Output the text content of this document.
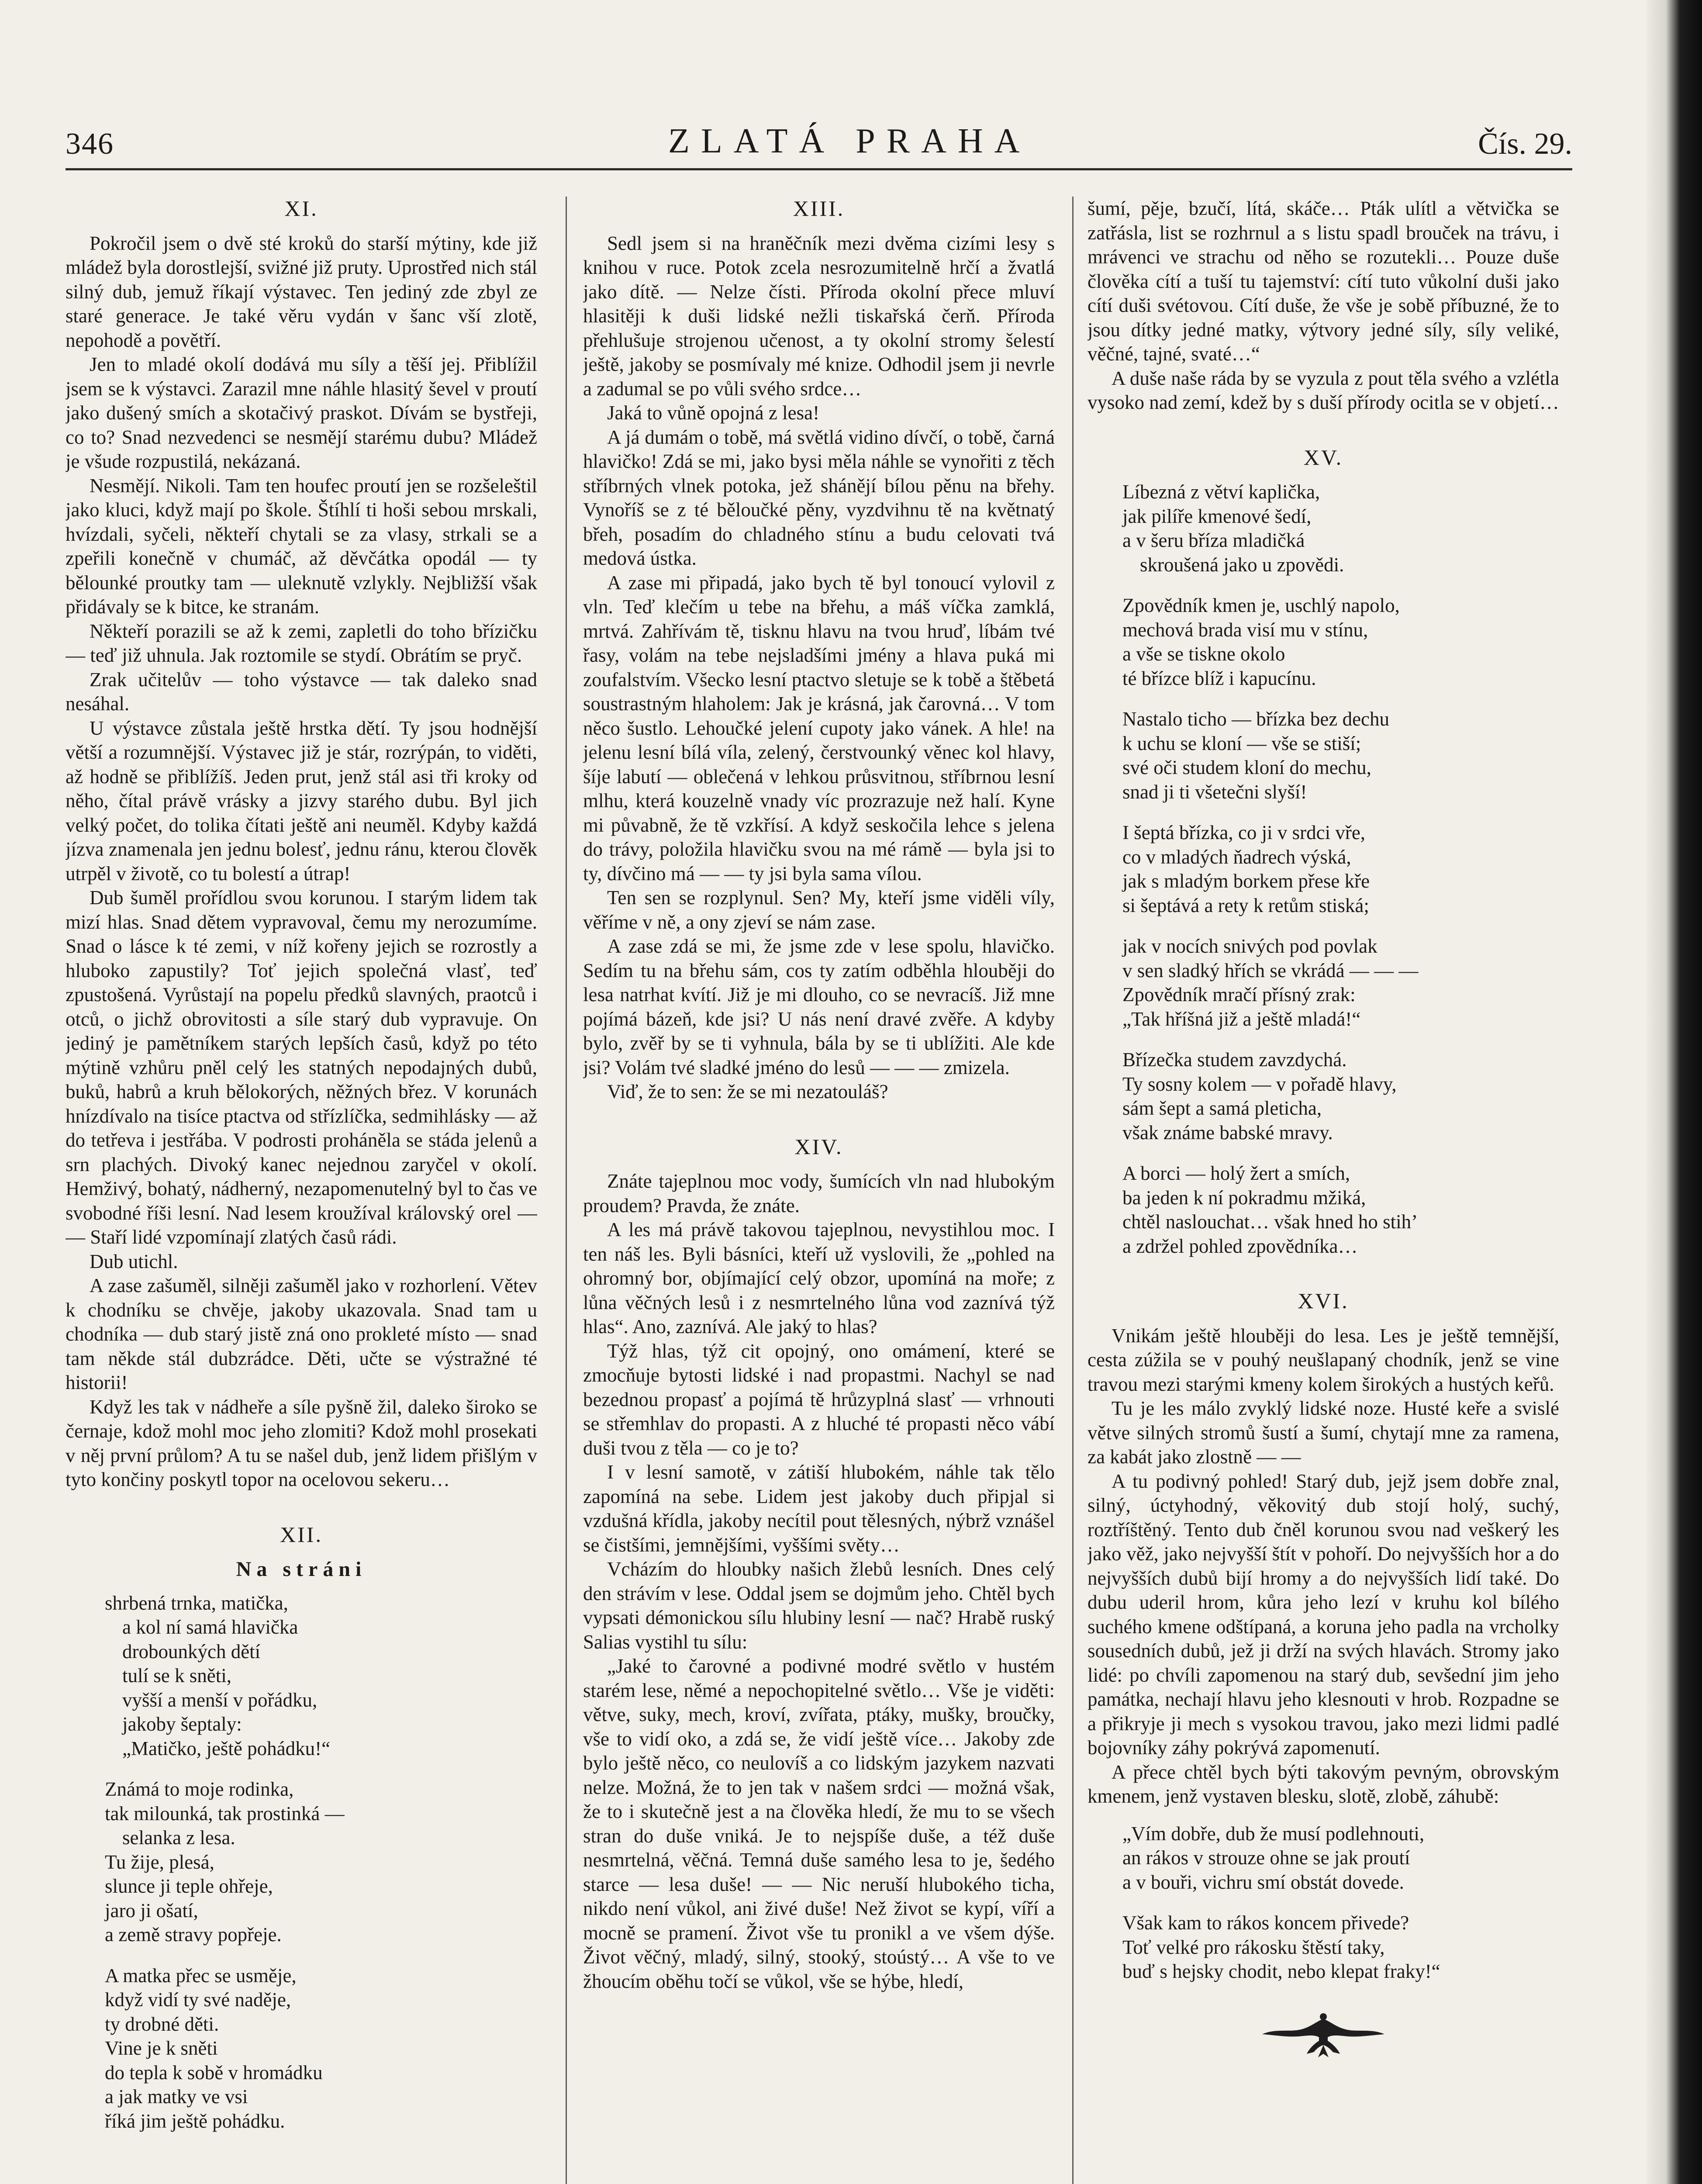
346	ZLATÁ PRAHA	Čís. 29.
XI.

Pokročil jsem o dvě sté kroků do starší mýtiny, kde již mládež byla dorostlejší, svižné již pruty. Uprostřed nich stál silný dub, jemuž říkají výstavec. Ten jediný zde zbyl ze staré generace. Je také věru vydán v šanc vší zlotě, nepohodě a povětří.

Jen to mladé okolí dodává mu síly a těší jej. Přiblížil jsem se k výstavci. Zarazil mne náhle hlasitý ševel v proutí jako dušený smích a skotačivý praskot. Dívám se bystřeji, co to? Snad nezvedenci se nesmějí starému dubu? Mládež je všude rozpustilá, nekázaná.

Nesmějí. Nikoli. Tam ten houfec proutí jen se rozšeleštil jako kluci, když mají po škole. Štíhlí ti hoši sebou mrskali, hvízdali, syčeli, někteří chytali se za vlasy, strkali se a zpeřili konečně v chumáč, až děvčátka opodál — ty bělounké proutky tam — uleknutě vzlykly. Nejbližší však přidávaly se k bitce, ke stranám.

Někteří porazili se až k zemi, zapletli do toho břízičku — teď již uhnula. Jak roztomile se stydí. Obrátím se pryč.

Zrak učitelův — toho výstavce — tak daleko snad nesáhal.

U výstavce zůstala ještě hrstka dětí. Ty jsou hodnější větší a rozumnější. Výstavec již je stár, rozrýpán, to viděti, až hodně se přiblížíš. Jeden prut, jenž stál asi tři kroky od něho, čítal právě vrásky a jizvy starého dubu. Byl jich velký počet, do tolika čítati ještě ani neuměl. Kdyby každá jízva znamenala jen jednu bolesť, jednu ránu, kterou člověk utrpěl v životě, co tu bolestí a útrap!

Dub šuměl prořídlou svou korunou. I starým lidem tak mizí hlas. Snad dětem vypravoval, čemu my nerozumíme. Snad o lásce k té zemi, v níž kořeny jejich se rozrostly a hluboko zapustily? Toť jejich společná vlasť, teď zpustošená. Vyrůstají na popelu předků slavných, praotců i otců, o jichž obrovitosti a síle starý dub vypravuje. On jediný je pamětníkem starých lepších časů, když po této mýtině vzhůru pněl celý les statných nepodajných dubů, buků, habrů a kruh bělokorých, něžných břez. V korunách hnízdívalo na tisíce ptactva od střízlíčka, sedmihlásky — až do tetřeva i jestřába. V podrosti proháněla se stáda jelenů a srn plachých. Divoký kanec nejednou zaryčel v okolí. Hemživý, bohatý, nádherný, nezapomenutelný byl to čas ve svobodné říši lesní. Nad lesem kroužíval královský orel — — Staří lidé vzpomínají zlatých časů rádi.

Dub utichl.

A zase zašuměl, silněji zašuměl jako v rozhorlení. Větev k chodníku se chvěje, jakoby ukazovala. Snad tam u chodníka — dub starý jistě zná ono prokleté místo — snad tam někde stál dubzrádce. Děti, učte se výstražné té historii!

Když les tak v nádheře a síle pyšně žil, daleko široko se černaje, kdož mohl moc jeho zlomiti? Kdož mohl prosekati v něj první průlom? A tu se našel dub, jenž lidem přišlým v tyto končiny poskytl topor na ocelovou sekeru…

XII.
Na stráni
shrbená trnka, matička,
a kol ní samá hlavička
drobounkých dětí
tulí se k sněti,
vyšší a menší v pořádku,
jakoby šeptaly:
„Matičko, ještě pohádku!“
Známá to moje rodinka,
tak milounká, tak prostinká —
selanka z lesa.
Tu žije, plesá,
slunce ji teple ohřeje,
jaro ji ošatí,
a země stravy popřeje.
A matka přec se usměje,
když vidí ty své naděje,
ty drobné děti.
Vine je k sněti
do tepla k sobě v hromádku
a jak matky ve vsi
říká jim ještě pohádku.
XIII.

Sedl jsem si na hraněčník mezi dvěma cizími lesy s knihou v ruce. Potok zcela nesrozumitelně hrčí a žvatlá jako dítě. — Nelze čísti. Příroda okolní přece mluví hlasitěji k duši lidské nežli tiskařská čerň. Příroda přehlušuje strojenou učenost, a ty okolní stromy šelestí ještě, jakoby se posmívaly mé knize. Odhodil jsem ji nevrle a zadumal se po vůli svého srdce…

Jaká to vůně opojná z lesa!

A já dumám o tobě, má světlá vidino dívčí, o tobě, čarná hlavičko! Zdá se mi, jako bysi měla náhle se vynořiti z těch stříbrných vlnek potoka, jež shánějí bílou pěnu na břehy. Vynoříš se z té běloučké pěny, vyzdvihnu tě na květnatý břeh, posadím do chladného stínu a budu celovati tvá medová ústka.

A zase mi připadá, jako bych tě byl tonoucí vylovil z vln. Teď klečím u tebe na břehu, a máš víčka zamklá, mrtvá. Zahřívám tě, tisknu hlavu na tvou hruď, líbám tvé řasy, volám na tebe nejsladšími jmény a hlava puká mi zoufalstvím. Všecko lesní ptactvo sletuje se k tobě a štěbetá soustrastným hlaholem: Jak je krásná, jak čarovná… V tom něco šustlo. Lehoučké jelení cupoty jako vánek. A hle! na jelenu lesní bílá víla, zelený, čerstvounký věnec kol hlavy, šíje labutí — oblečená v lehkou průsvitnou, stříbrnou lesní mlhu, která kouzelně vnady víc prozrazuje než halí. Kyne mi půvabně, že tě vzkřísí. A když seskočila lehce s jelena do trávy, položila hlavičku svou na mé rámě — byla jsi to ty, dívčino má — — ty jsi byla sama vílou.

Ten sen se rozplynul. Sen? My, kteří jsme viděli víly, věříme v ně, a ony zjeví se nám zase.

A zase zdá se mi, že jsme zde v lese spolu, hlavičko. Sedím tu na břehu sám, cos ty zatím odběhla hlouběji do lesa natrhat kvítí. Již je mi dlouho, co se nevracíš. Již mne pojímá bázeň, kde jsi? U nás není dravé zvěře. A kdyby bylo, zvěř by se ti vyhnula, bála by se ti ublížiti. Ale kde jsi? Volám tvé sladké jméno do lesů — — — zmizela.

Viď, že to sen: že se mi nezatouláš?

XIV.

Znáte tajeplnou moc vody, šumících vln nad hlubokým proudem? Pravda, že znáte.

A les má právě takovou tajeplnou, nevystihlou moc. I ten náš les. Byli básníci, kteří už vyslovili, že „pohled na ohromný bor, objímající celý obzor, upomíná na moře; z lůna věčných lesů i z nesmrtelného lůna vod zaznívá týž hlas“. Ano, zaznívá. Ale jaký to hlas?

Týž hlas, týž cit opojný, ono omámení, které se zmocňuje bytosti lidské i nad propastmi. Nachyl se nad bezednou propasť a pojímá tě hrůzyplná slasť — vrhnouti se střemhlav do propasti. A z hluché té propasti něco vábí duši tvou z těla — co je to?

I v lesní samotě, v zátiší hlubokém, náhle tak tělo zapomíná na sebe. Lidem jest jakoby duch připjal si vzdušná křídla, jakoby necítil pout tělesných, nýbrž vznášel se čistšími, jemnějšími, vyššími světy…

Vcházím do hloubky našich žlebů lesních. Dnes celý den strávím v lese. Oddal jsem se dojmům jeho. Chtěl bych vypsati démonickou sílu hlubiny lesní — nač? Hrabě ruský Salias vystihl tu sílu:

„Jaké to čarovné a podivné modré světlo v hustém starém lese, němé a nepochopitelné světlo… Vše je viděti: větve, suky, mech, kroví, zvířata, ptáky, mušky, broučky, vše to vidí oko, a zdá se, že vidí ještě více… Jakoby zde bylo ještě něco, co neulovíš a co lidským jazykem nazvati nelze. Možná, že to jen tak v našem srdci — možná však, že to i skutečně jest a na člověka hledí, že mu to se všech stran do duše vniká. Je to nejspíše duše, a též duše nesmrtelná, věčná. Temná duše samého lesa to je, šedého starce — lesa duše! — — Nic neruší hlubokého ticha, nikdo není vůkol, ani živé duše! Než život se kypí, víří a mocně se pramení. Život vše tu pronikl a ve všem dýše. Život věčný, mladý, silný, stooký, stoústý… A vše to ve žhoucím oběhu točí se vůkol, vše se hýbe, hledí,

šumí, pěje, bzučí, lítá, skáče… Pták ulítl a větvička se zatřásla, list se rozhrnul a s listu spadl brouček na trávu, i mrávenci ve strachu od něho se rozutekli… Pouze duše člověka cítí a tuší tu tajemství: cítí tuto vůkolní duši jako cítí duši svétovou. Cítí duše, že vše je sobě příbuzné, že to jsou dítky jedné matky, výtvory jedné síly, síly veliké, věčné, tajné, svaté…“

A duše naše ráda by se vyzula z pout těla svého a vzlétla vysoko nad zemí, kdež by s duší přírody ocitla se v objetí…

XV.
Líbezná z větví kaplička,
jak pilíře kmenové šedí,
a v šeru bříza mladičká
skroušená jako u zpovědi.
Zpovědník kmen je, uschlý napolo,
mechová brada visí mu v stínu,
a vše se tiskne okolo
té břízce blíž i kapucínu.
Nastalo ticho — břízka bez dechu
k uchu se kloní — vše se stiší;
své oči studem kloní do mechu,
snad ji ti všetečni slyší!
I šeptá břízka, co ji v srdci vře,
co v mladých ňadrech výská,
jak s mladým borkem přese kře
si šeptává a rety k retům stiská;
jak v nocích snivých pod povlak
v sen sladký hřích se vkrádá — — —
Zpovědník mračí přísný zrak:
„Tak hříšná již a ještě mladá!“
Břízečka studem zavzdychá.
Ty sosny kolem — v pořadě hlavy,
sám šept a samá pleticha,
však známe babské mravy.
A borci — holý žert a smích,
ba jeden k ní pokradmu mžiká,
chtěl naslouchat… však hned ho stih’
a zdržel pohled zpovědníka…
XVI.

Vnikám ještě hlouběji do lesa. Les je ještě temnější, cesta zúžila se v pouhý neušlapaný chodník, jenž se vine travou mezi starými kmeny kolem širokých a hustých keřů.

Tu je les málo zvyklý lidské noze. Husté keře a svislé větve silných stromů šustí a šumí, chytají mne za ramena, za kabát jako zlostně — —

A tu podivný pohled! Starý dub, jejž jsem dobře znal, silný, úctyhodný, věkovitý dub stojí holý, suchý, roztříštěný. Tento dub čněl korunou svou nad veškerý les jako věž, jako nejvyšší štít v pohoří. Do nejvyšších hor a do nejvyšších dubů bijí hromy a do nejvyšších lidí také. Do dubu uderil hrom, kůra jeho lezí v kruhu kol bílého suchého kmene odštípaná, a koruna jeho padla na vrcholky sousedních dubů, jež ji drží na svých hlavách. Stromy jako lidé: po chvíli zapomenou na starý dub, sevšední jim jeho památka, nechají hlavu jeho klesnouti v hrob. Rozpadne se a přikryje ji mech s vysokou travou, jako mezi lidmi padlé bojovníky záhy pokrývá zapomenutí.

A přece chtěl bych býti takovým pevným, obrovským kmenem, jenž vystaven blesku, slotě, zlobě, záhubě:

„Vím dobře, dub že musí podlehnouti,
an rákos v strouze ohne se jak proutí
a v bouři, vichru smí obstát dovede.
Však kam to rákos koncem přivede?
Toť velké pro rákosku štěstí taky,
buď s hejsky chodit, nebo klepat fraky!“
